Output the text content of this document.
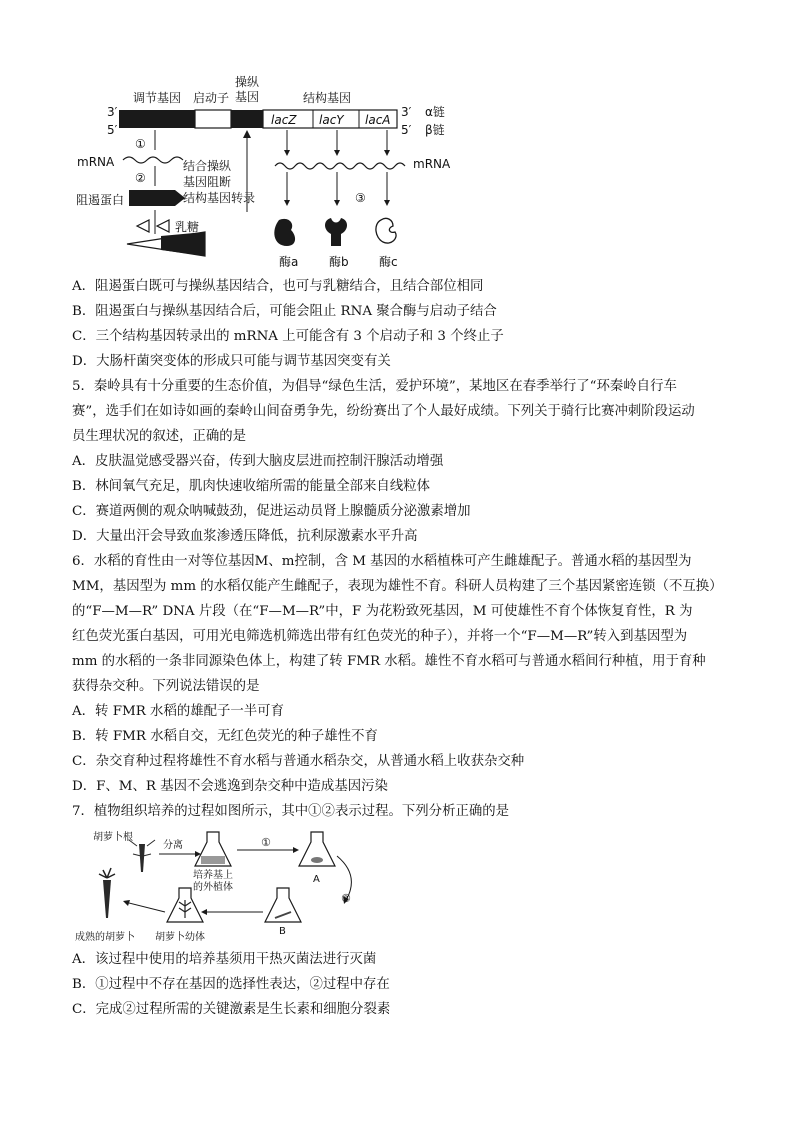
调节基因 启动子
操纵
基因	结构基因
3′
5′
3′
5′
α链
β链
lacZ lacY lacA
①
mRNA
②
阻遏蛋白
结合操纵
基因阻断
结构基因转录
乳糖
mRNA
③
酶a	酶b	酶c
A．阻遏蛋白既可与操纵基因结合，也可与乳糖结合，且结合部位相同
B．阻遏蛋白与操纵基因结合后，可能会阻止 RNA 聚合酶与启动子结合
C．三个结构基因转录出的 mRNA 上可能含有 3 个启动子和 3 个终止子
D．大肠杆菌突变体的形成只可能与调节基因突变有关
5．秦岭具有十分重要的生态价值，为倡导“绿色生活，爱护环境”，某地区在春季举行了“环秦岭自行车
赛”，选手们在如诗如画的秦岭山间奋勇争先，纷纷赛出了个人最好成绩。下列关于骑行比赛冲刺阶段运动
员生理状况的叙述，正确的是
A．皮肤温觉感受器兴奋，传到大脑皮层进而控制汗腺活动增强
B．林间氧气充足，肌肉快速收缩所需的能量全部来自线粒体
C．赛道两侧的观众呐喊鼓劲，促进运动员肾上腺髓质分泌激素增加
D．大量出汗会导致血浆渗透压降低，抗利尿激素水平升高
6．水稻的育性由一对等位基因M、m控制，含 M 基因的水稻植株可产生雌雄配子。普通水稻的基因型为
MM，基因型为 mm 的水稻仅能产生雌配子，表现为雄性不育。科研人员构建了三个基因紧密连锁（不互换）
的“F—M—R” DNA 片段（在“F—M—R”中，F 为花粉致死基因，M 可使雄性不育个体恢复育性，R 为
红色荧光蛋白基因，可用光电筛选机筛选出带有红色荧光的种子），并将一个“F—M—R”转入到基因型为
mm 的水稻的一条非同源染色体上，构建了转 FMR 水稻。雄性不育水稻可与普通水稻间行种植，用于育种
获得杂交种。下列说法错误的是
A．转 FMR 水稻的雄配子一半可育
B．转 FMR 水稻自交，无红色荧光的种子雄性不育
C．杂交育种过程将雄性不育水稻与普通水稻杂交，从普通水稻上收获杂交种
D．F、M、R 基因不会逃逸到杂交种中造成基因污染
7．植物组织培养的过程如图所示，其中①②表示过程。下列分析正确的是
胡萝卜根
分离
培养基上
的外植体
①
A
②
B
胡萝卜幼体
成熟的胡萝卜
A．该过程中使用的培养基须用干热灭菌法进行灭菌
B．①过程中不存在基因的选择性表达，②过程中存在
C．完成②过程所需的关键激素是生长素和细胞分裂素
